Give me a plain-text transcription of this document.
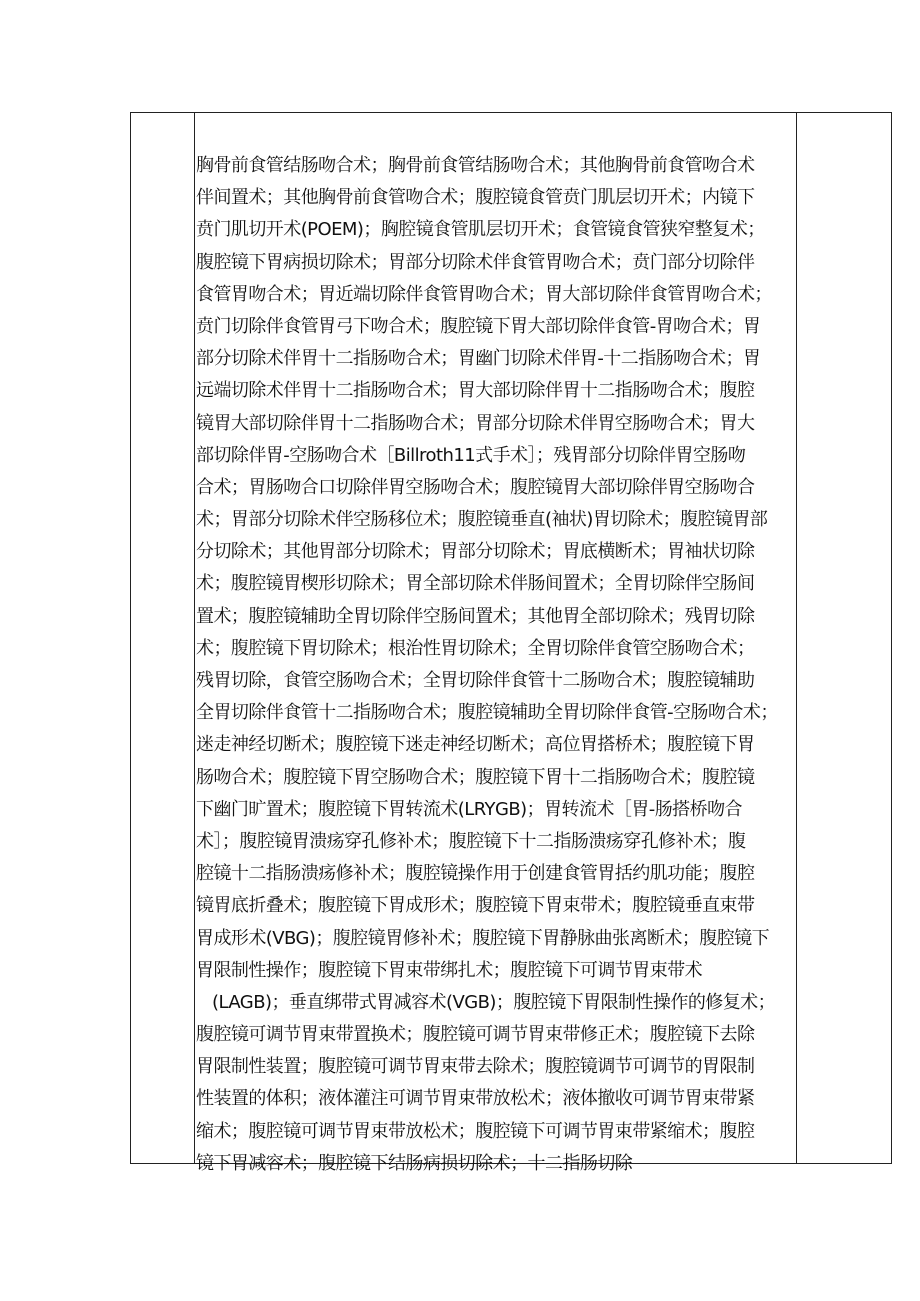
胸骨前食管结肠吻合术；胸骨前食管结肠吻合术；其他胸骨前食管吻合术
伴间置术；其他胸骨前食管吻合术；腹腔镜食管贲门肌层切开术；内镜下
贲门肌切开术(POEM)；胸腔镜食管肌层切开术；食管镜食管狭窄整复术；
腹腔镜下胃病损切除术；胃部分切除术伴食管胃吻合术；贲门部分切除伴
食管胃吻合术；胃近端切除伴食管胃吻合术；胃大部切除伴食管胃吻合术；
贲门切除伴食管胃弓下吻合术；腹腔镜下胃大部切除伴食管-胃吻合术；胃
部分切除术伴胃十二指肠吻合术；胃幽门切除术伴胃-十二指肠吻合术；胃
远端切除术伴胃十二指肠吻合术；胃大部切除伴胃十二指肠吻合术；腹腔
镜胃大部切除伴胃十二指肠吻合术；胃部分切除术伴胃空肠吻合术；胃大
部切除伴胃-空肠吻合术［Billroth11式手术］；残胃部分切除伴胃空肠吻
合术；胃肠吻合口切除伴胃空肠吻合术；腹腔镜胃大部切除伴胃空肠吻合
术；胃部分切除术伴空肠移位术；腹腔镜垂直(袖状)胃切除术；腹腔镜胃部
分切除术；其他胃部分切除术；胃部分切除术；胃底横断术；胃袖状切除
术；腹腔镜胃楔形切除术；胃全部切除术伴肠间置术；全胃切除伴空肠间
置术；腹腔镜辅助全胃切除伴空肠间置术；其他胃全部切除术；残胃切除
术；腹腔镜下胃切除术；根治性胃切除术；全胃切除伴食管空肠吻合术；
残胃切除，食管空肠吻合术；全胃切除伴食管十二肠吻合术；腹腔镜辅助
全胃切除伴食管十二指肠吻合术；腹腔镜辅助全胃切除伴食管-空肠吻合术；
迷走神经切断术；腹腔镜下迷走神经切断术；高位胃搭桥术；腹腔镜下胃
肠吻合术；腹腔镜下胃空肠吻合术；腹腔镜下胃十二指肠吻合术；腹腔镜
下幽门旷置术；腹腔镜下胃转流术(LRYGB)；胃转流术［胃-肠搭桥吻合
术］；腹腔镜胃溃疡穿孔修补术；腹腔镜下十二指肠溃疡穿孔修补术；腹
腔镜十二指肠溃疡修补术；腹腔镜操作用于创建食管胃括约肌功能；腹腔
镜胃底折叠术；腹腔镜下胃成形术；腹腔镜下胃束带术；腹腔镜垂直束带
胃成形术(VBG)；腹腔镜胃修补术；腹腔镜下胃静脉曲张离断术；腹腔镜下
胃限制性操作；腹腔镜下胃束带绑扎术；腹腔镜下可调节胃束带术
(LAGB)；垂直绑带式胃减容术(VGB)；腹腔镜下胃限制性操作的修复术；
腹腔镜可调节胃束带置换术；腹腔镜可调节胃束带修正术；腹腔镜下去除
胃限制性装置；腹腔镜可调节胃束带去除术；腹腔镜调节可调节的胃限制
性装置的体积；液体灌注可调节胃束带放松术；液体撤收可调节胃束带紧
缩术；腹腔镜可调节胃束带放松术；腹腔镜下可调节胃束带紧缩术；腹腔
镜下胃减容术；腹腔镜下结肠病损切除术；十二指肠切除
